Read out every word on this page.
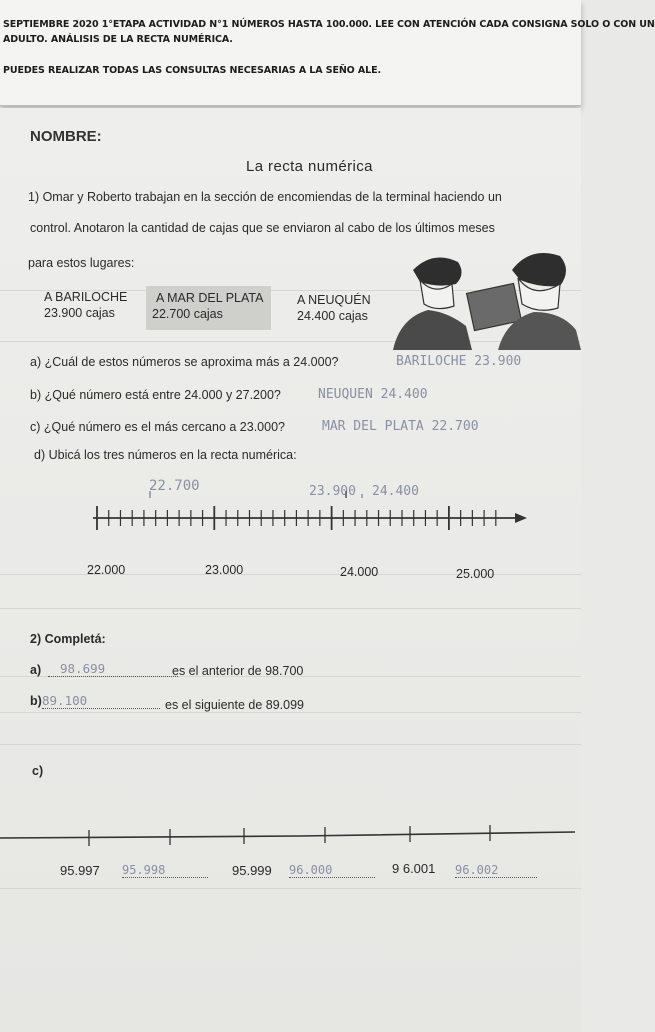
SEPTIEMBRE 2020 1°ETAPA ACTIVIDAD N°1 NÚMEROS HASTA 100.000. LEE CON ATENCIÓN CADA CONSIGNA SOLO O CON UN
ADULTO. ANÁLISIS DE LA RECTA NUMÉRICA.
PUEDES REALIZAR TODAS LAS CONSULTAS NECESARIAS A LA SEÑO ALE.
NOMBRE:
La recta numérica
1) Omar y Roberto trabajan en la sección de encomiendas de la terminal haciendo un
control. Anotaron la cantidad de cajas que se enviaron al cabo de los últimos meses
para estos lugares:
A BARILOCHE
23.900 cajas
A MAR DEL PLATA
22.700 cajas
A NEUQUÉN
24.400 cajas
a) ¿Cuál de estos números se aproxima más a 24.000?	BARILOCHE 23.900
b) ¿Qué número está entre 24.000 y 27.200?	NEUQUEN 24.400
c) ¿Qué número es el más cercano a 23.000?	MAR DEL PLATA 22.700
d) Ubicá los tres números en la recta numérica:
22.700	23.900 24.400
22.000	23.000	24.000	25.000
2) Completá:
a)	98.699	es el anterior de 98.700
b) 89.100	es el siguiente de 89.099
c)
95.997 95.998	95.999 96.000	9 6.001 96.002
